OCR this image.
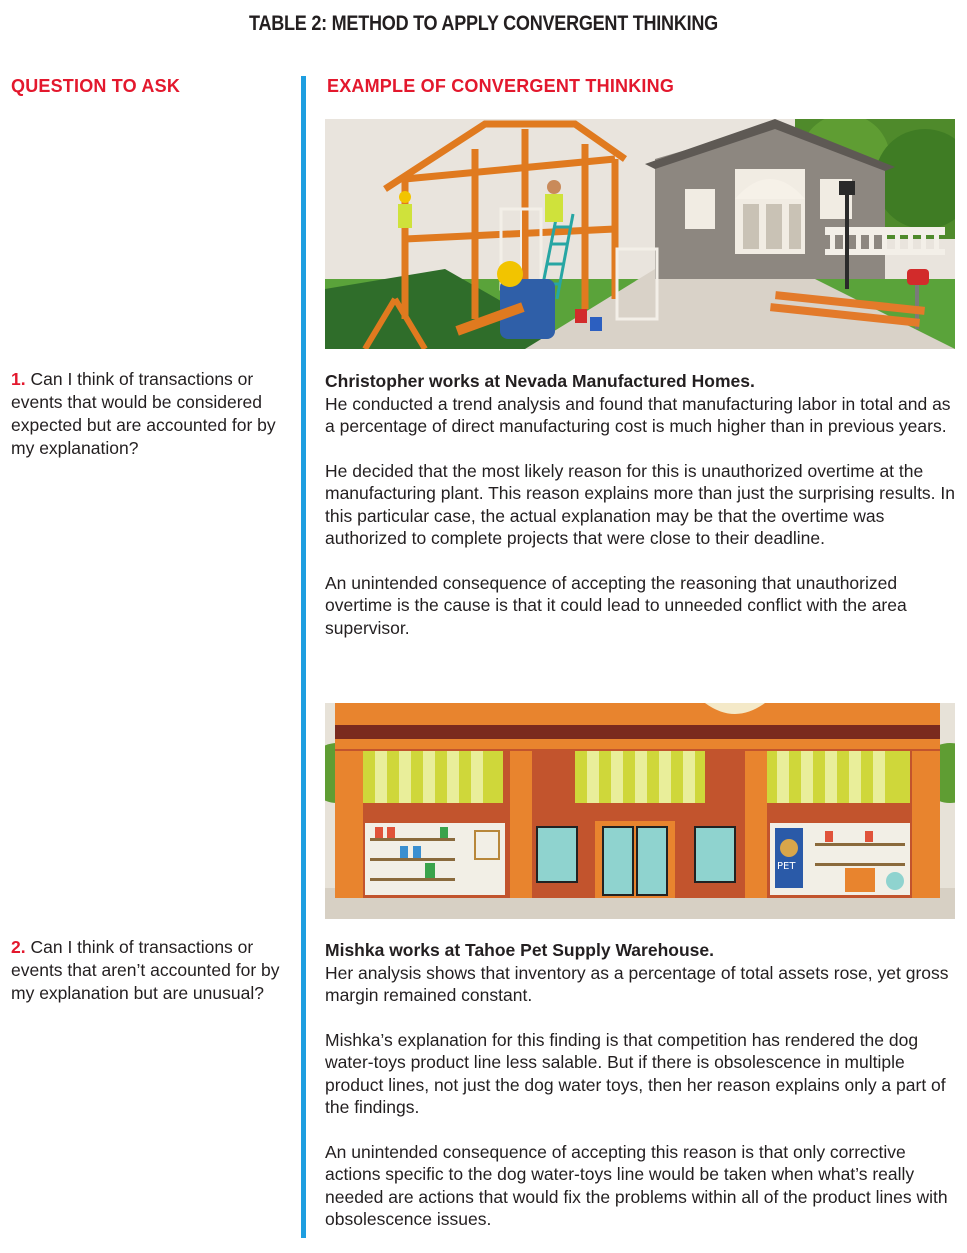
TABLE 2: METHOD TO APPLY CONVERGENT THINKING
QUESTION TO ASK	EXAMPLE OF CONVERGENT THINKING
1. Can I think of transactions or events that would be considered expected but are accounted for by my explanation?

Christopher works at Nevada Manufactured Homes.
He conducted a trend analysis and found that manufacturing labor in total and as a percentage of direct manufacturing cost is much higher than in previous years.

He decided that the most likely reason for this is unauthorized overtime at the manufacturing plant. This reason explains more than just the surprising results. In this particular case, the actual explanation may be that the overtime was authorized to complete projects that were close to their deadline.

An unintended consequence of accepting the reasoning that unauthorized overtime is the cause is that it could lead to unneeded conflict with the area supervisor.

PET
2. Can I think of transactions or events that aren’t accounted for by my explanation but are unusual?

Mishka works at Tahoe Pet Supply Warehouse.
Her analysis shows that inventory as a percentage of total assets rose, yet gross margin remained constant.

Mishka’s explanation for this finding is that competition has rendered the dog water-toys product line less salable. But if there is obsolescence in multiple product lines, not just the dog water toys, then her reason explains only a part of the findings.

An unintended consequence of accepting this reason is that only corrective actions specific to the dog water-toys line would be taken when what’s really needed are actions that would fix the problems within all of the product lines with obsolescence issues.
